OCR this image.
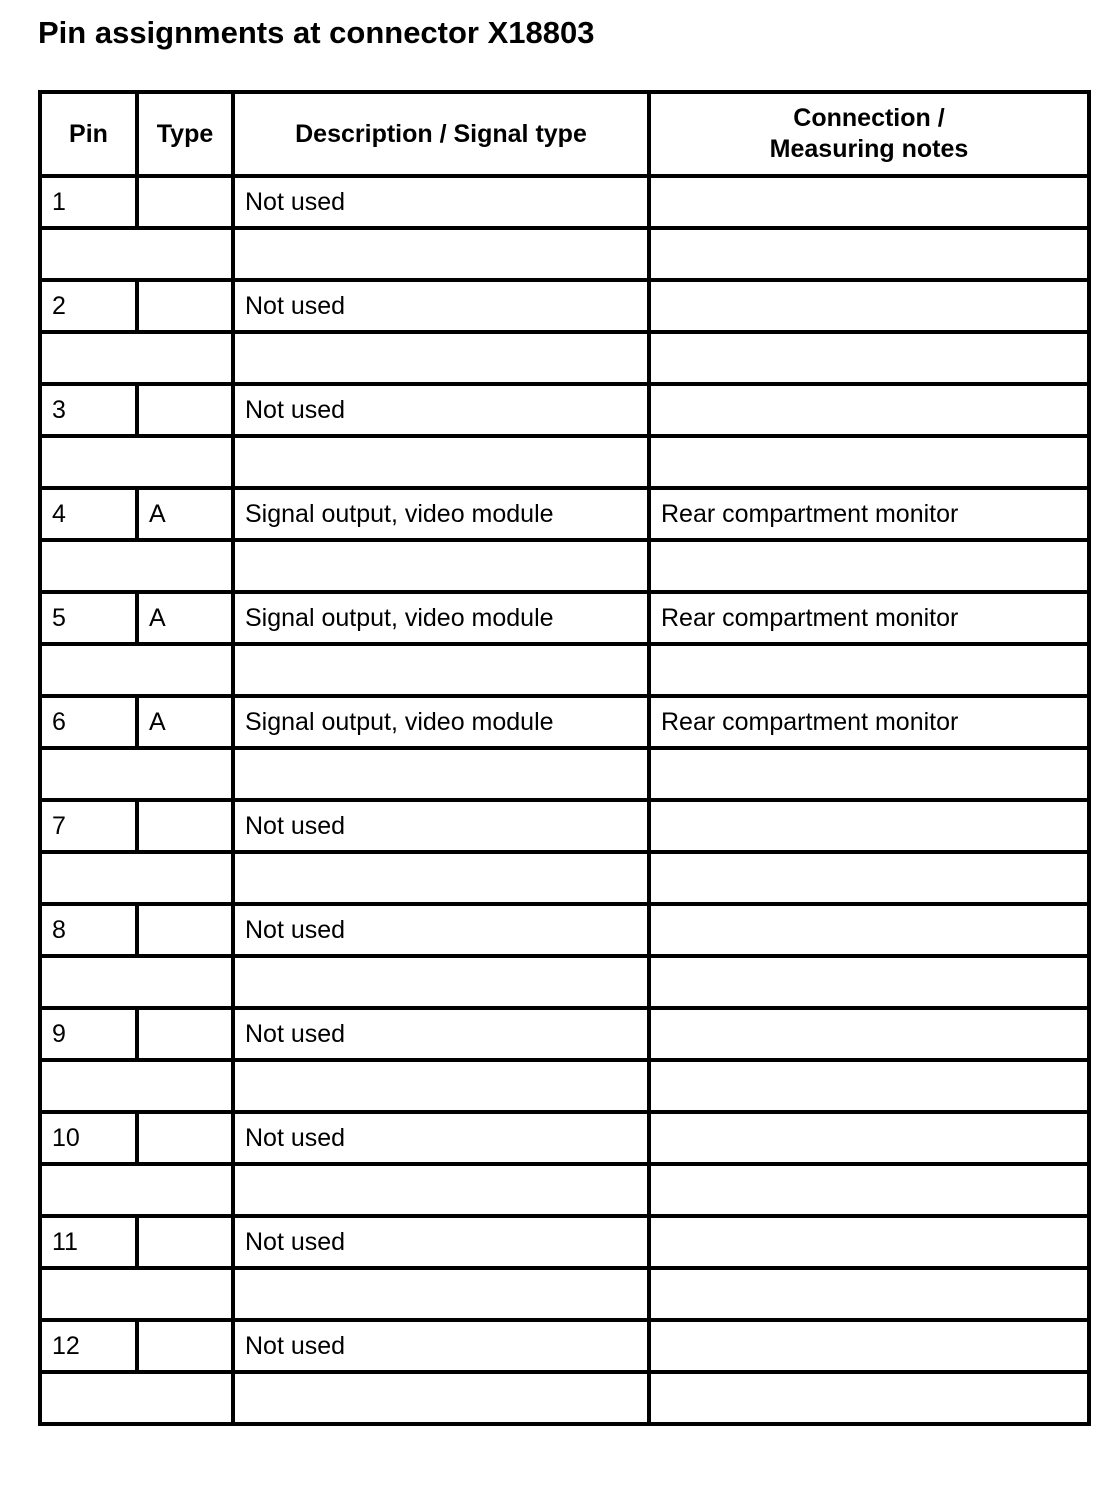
Pin assignments at connector X18803
Pin	Type	Description / Signal type	Connection /
Measuring notes

1		Not used	

2		Not used	

3		Not used	

4	A	Signal output, video module	Rear compartment monitor

5	A	Signal output, video module	Rear compartment monitor

6	A	Signal output, video module	Rear compartment monitor

7		Not used	

8		Not used	

9		Not used	

10		Not used	

11		Not used	

12		Not used	
